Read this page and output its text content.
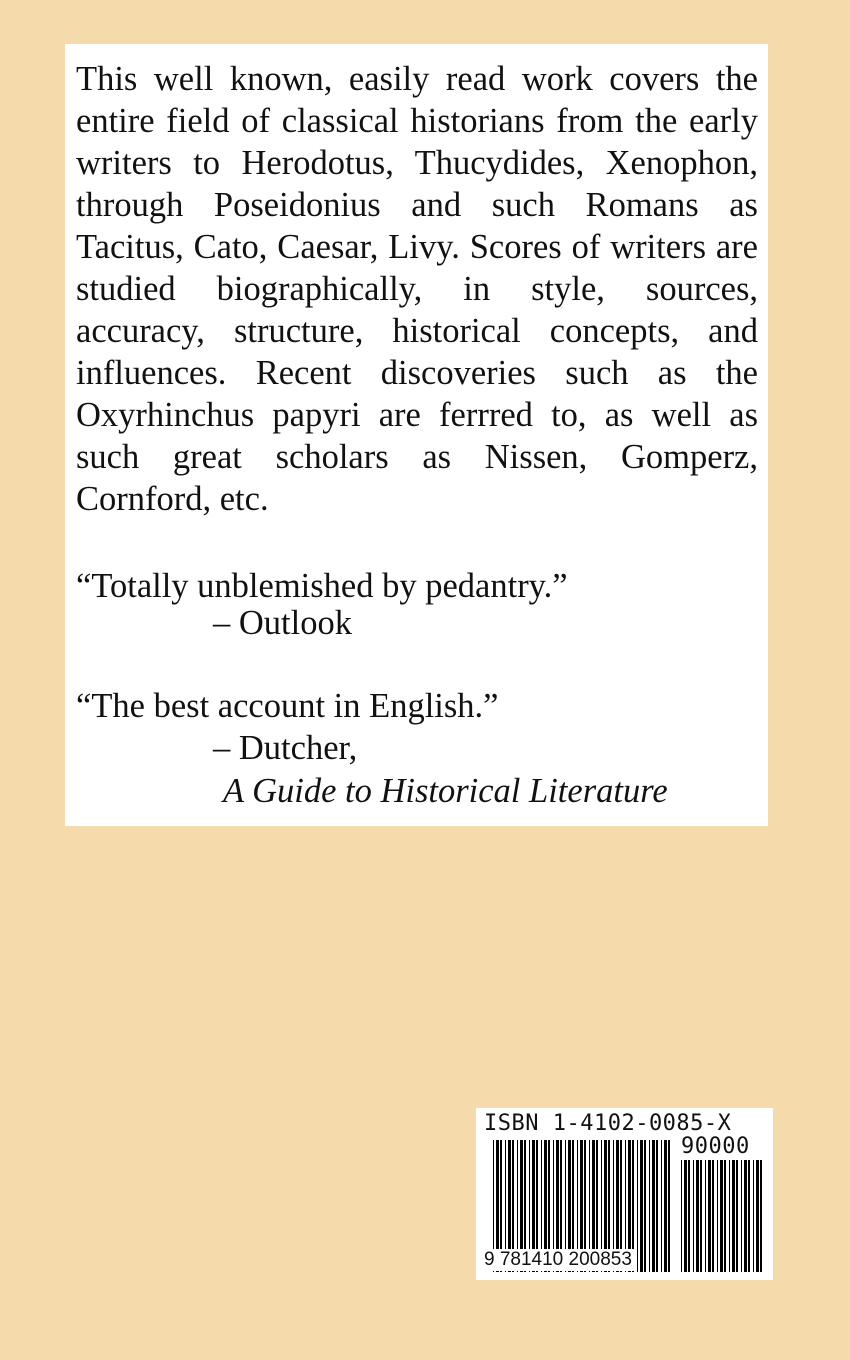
This well known, easily read work covers the entire field of classical historians from the early writers to Herodotus, Thucydides, Xenophon, through Poseidonius and such Romans as Tacitus, Cato, Caesar, Livy. Scores of writers are studied biographically, in style, sources, accuracy, structure, historical concepts, and influences. Recent discoveries such as the Oxyrhinchus papyri are ferrred to, as well as such great scholars as Nissen, Gomperz, Cornford, etc.

“Totally unblemished by pedantry.”

– Outlook

“The best account in English.”

– Dutcher,

A Guide to Historical Literature

ISBN 1-4102-0085-X
90000
9 781410 200853
